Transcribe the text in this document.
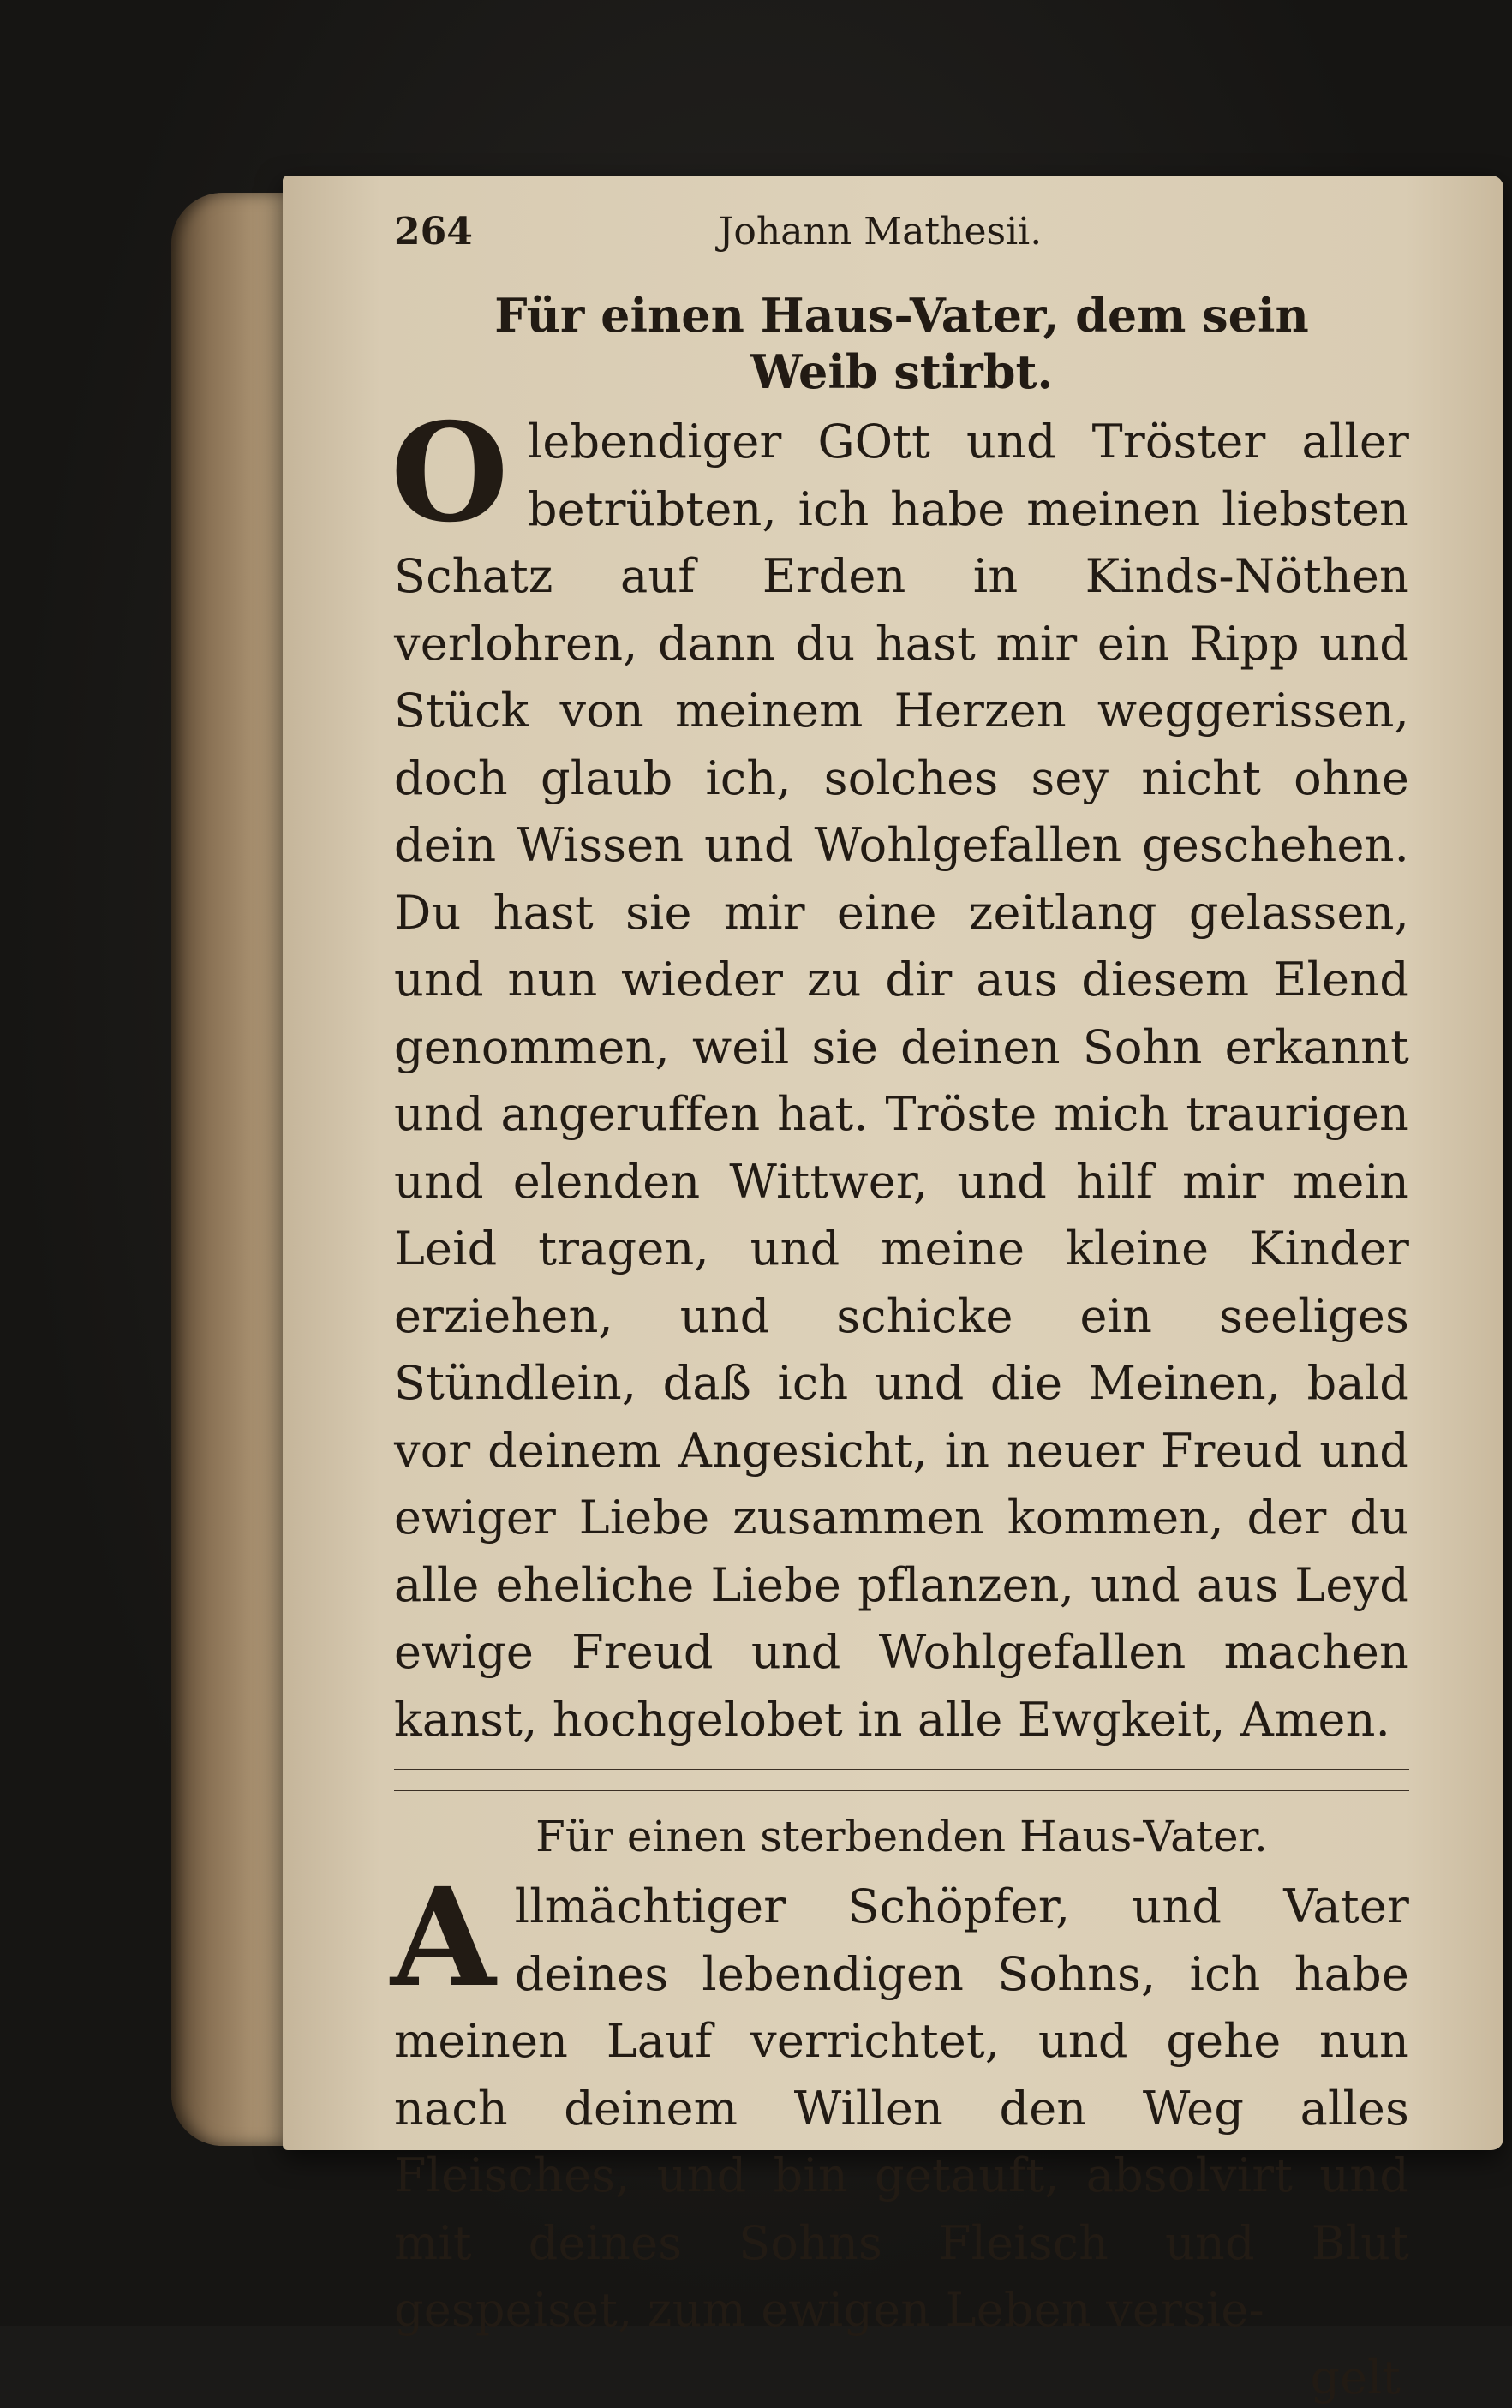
264	Johann Mathesii.
Für einen Haus-Vater, dem sein Weib stirbt.

Olebendiger GOtt und Tröster aller betrübten, ich habe meinen liebsten Schatz auf Erden in Kinds-Nöthen verlohren, dann du hast mir ein Ripp und Stück von meinem Herzen weggerissen, doch glaub ich, solches sey nicht ohne dein Wissen und Wohlgefallen geschehen. Du hast sie mir eine zeitlang gelassen, und nun wieder zu dir aus diesem Elend genommen, weil sie deinen Sohn erkannt und angeruffen hat. Tröste mich traurigen und elenden Wittwer, und hilf mir mein Leid tragen, und meine kleine Kinder erziehen, und schicke ein seeliges Stündlein, daß ich und die Meinen, bald vor deinem Angesicht, in neuer Freud und ewiger Liebe zusammen kommen, der du alle eheliche Liebe pflanzen, und aus Leyd ewige Freud und Wohlgefallen machen kanst, hochgelobet in alle Ewgkeit, Amen.

Für einen sterbenden Haus-Vater.

Allmächtiger Schöpfer, und Vater deines lebendigen Sohns, ich habe meinen Lauf verrichtet, und gehe nun nach deinem Willen den Weg alles Fleisches, und bin getauft, absolvirt und mit deines Sohns Fleisch und Blut gespeiset, zum ewigen Leben versie-

gelt
